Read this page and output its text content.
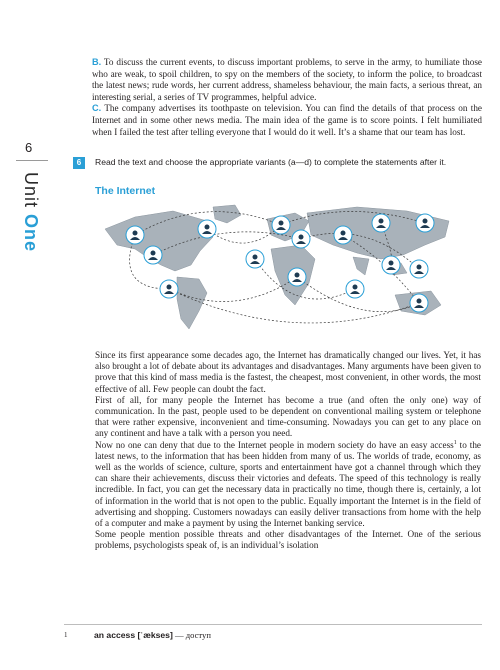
6
Unit One

B. To discuss the current events, to discuss important problems, to serve in the army, to humiliate those who are weak, to spoil children, to spy on the members of the society, to inform the police, to broadcast the latest news; rude words, her current address, shameless behaviour, the main facts, a serious threat, an interesting serial, a series of TV programmes, helpful advice.

C. The company advertises its toothpaste on television. You can find the details of that process on the Internet and in some other news media. The main idea of the game is to score points. I felt humiliated when I failed the test after telling everyone that I would do it well. It’s a shame that our team has lost.

6	Read the text and choose the appropriate variants (a—d) to complete the statements after it.
The Internet

Since its first appearance some decades ago, the Internet has dramatically changed our lives. Yet, it has also brought a lot of debate about its advantages and disadvantages. Many arguments have been given to prove that this kind of mass media is the fastest, the cheapest, most convenient, in other words, the most effective of all. Few people can doubt the fact.

First of all, for many people the Internet has become a true (and often the only one) way of communication. In the past, people used to be dependent on conventional mailing system or telephone that were rather expensive, inconvenient and time-consuming. Nowadays you can get to any place on any continent and have a talk with a person you need.

Now no one can deny that due to the Internet people in modern society do have an easy access$^1$ to the latest news, to the information that has been hidden from many of us. The worlds of trade, economy, as well as the worlds of science, culture, sports and entertainment have got a channel through which they can share their achievements, discuss their victories and defeats. The speed of this technology is really incredible. In fact, you can get the necessary data in practically no time, though there is, certainly, a lot of information in the world that is not open to the public. Equally important the Internet is in the field of advertising and shopping. Customers nowadays can easily deliver transactions from home with the help of a computer and make a payment by using the Internet banking service.

Some people mention possible threats and other disadvantages of the Internet. One of the serious problems, psychologists speak of, is an individual’s isolation

1	an access [ˈækses] — доступ
